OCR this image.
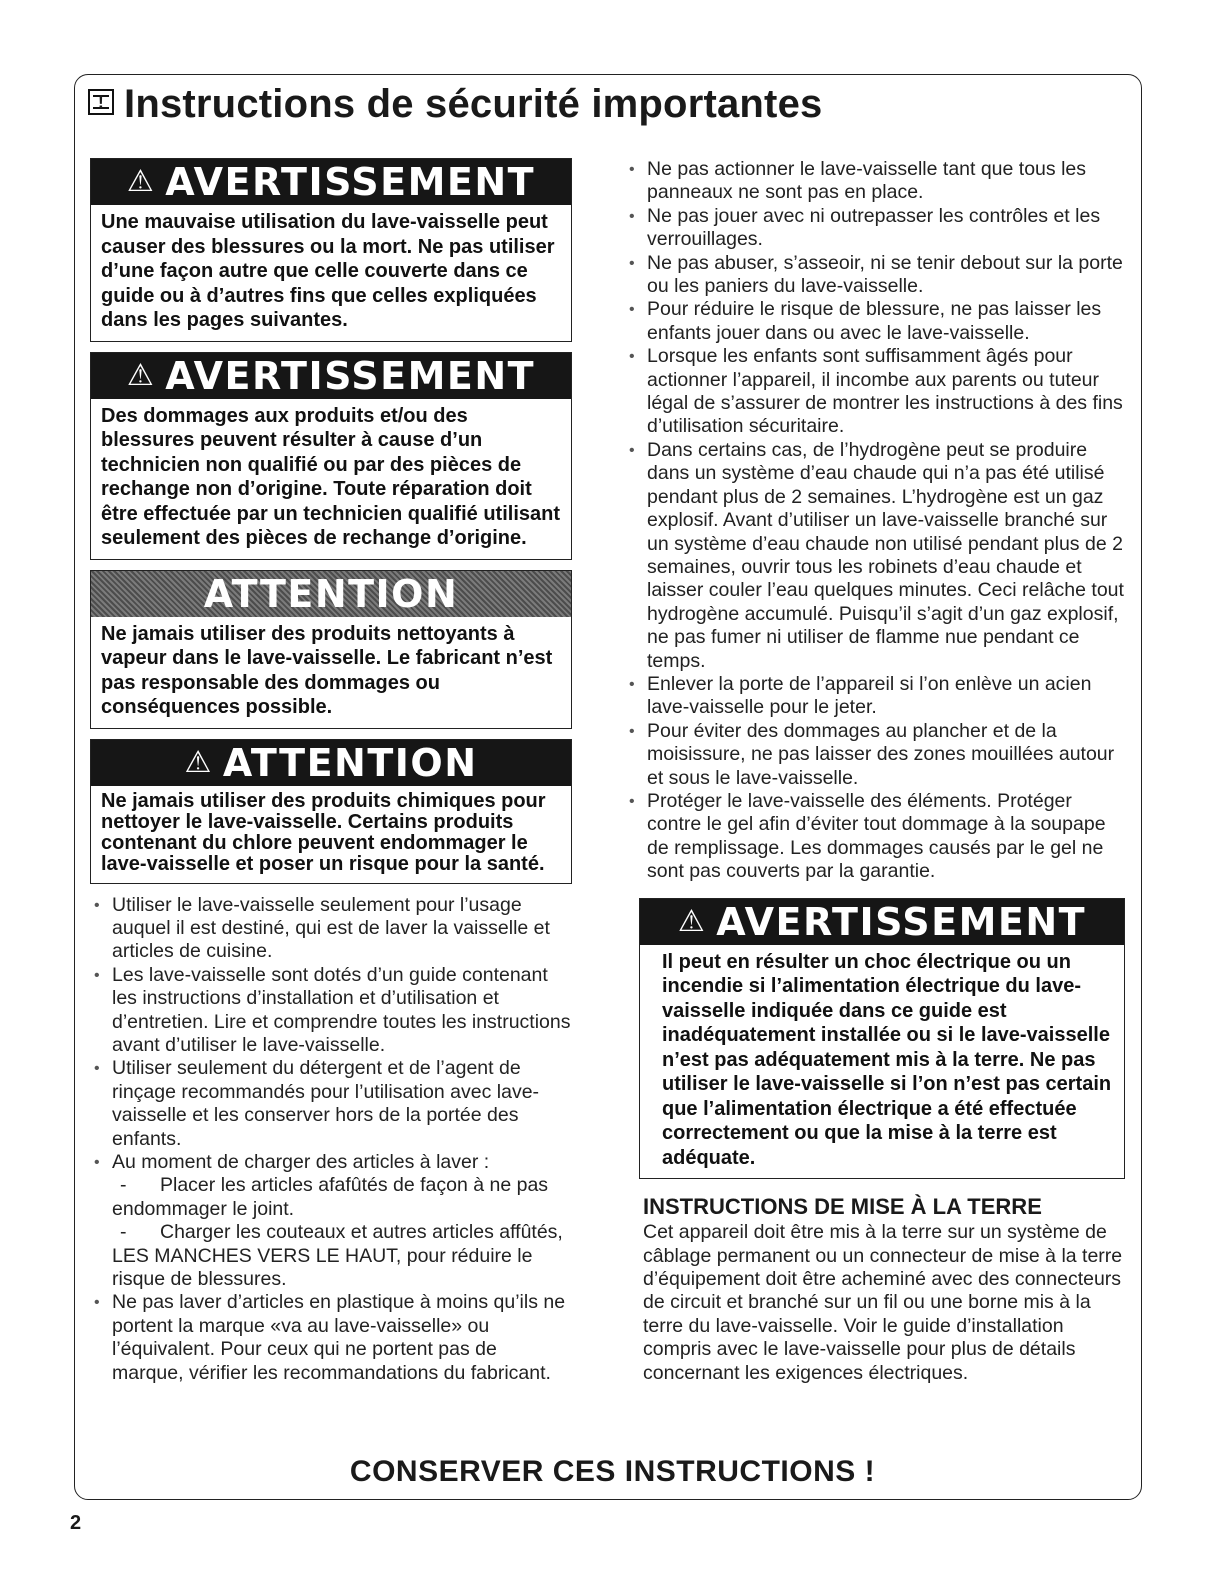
!Instructions de sécurité importantes
⚠ AVERTISSEMENT

Une mauvaise utilisation du lave-vaisselle peut causer des blessures ou la mort. Ne pas utiliser d’une façon autre que celle couverte dans ce guide ou à d’autres fins que celles expliquées dans les pages suivantes.

⚠ AVERTISSEMENT

Des dommages aux produits et/ou des blessures peuvent résulter à cause d’un technicien non qualifié ou par des pièces de rechange non d’origine. Toute réparation doit être effectuée par un technicien qualifié utilisant seulement des pièces de rechange d’origine.

ATTENTION

Ne jamais utiliser des produits nettoyants à vapeur dans le lave-vaisselle. Le fabricant n’est pas responsable des dommages ou conséquences possible.

⚠ ATTENTION

Ne jamais utiliser des produits chimiques pour nettoyer le lave-vaisselle. Certains produits contenant du chlore peuvent endommager le lave-vaisselle et poser un risque pour la santé.

• Utiliser le lave-vaisselle seulement pour l’usage auquel il est destiné, qui est de laver la vaisselle et articles de cuisine.
• Les lave-vaisselle sont dotés d’un guide contenant les instructions d’installation et d’utilisation et d’entretien. Lire et comprendre toutes les instructions avant d’utiliser le lave-vaisselle.
• Utiliser seulement du détergent et de l’agent de rinçage recommandés pour l’utilisation avec lave-vaisselle et les conserver hors de la portée des enfants.
• Au moment de charger des articles à laver :
- Placer les articles afafûtés de façon à ne pas endommager le joint.
- Charger les couteaux et autres articles affûtés, LES MANCHES VERS LE HAUT, pour réduire le risque de blessures.
• Ne pas laver d’articles en plastique à moins qu’ils ne portent la marque «va au lave-vaisselle» ou l’équivalent. Pour ceux qui ne portent pas de marque, vérifier les recommandations du fabricant.
• Ne pas actionner le lave-vaisselle tant que tous les panneaux ne sont pas en place.
• Ne pas jouer avec ni outrepasser les contrôles et les verrouillages.
• Ne pas abuser, s’asseoir, ni se tenir debout sur la porte ou les paniers du lave-vaisselle.
• Pour réduire le risque de blessure, ne pas laisser les enfants jouer dans ou avec le lave-vaisselle.
• Lorsque les enfants sont suffisamment âgés pour actionner l’appareil, il incombe aux parents ou tuteur légal de s’assurer de montrer les instructions à des fins d’utilisation sécuritaire.
• Dans certains cas, de l’hydrogène peut se produire dans un système d’eau chaude qui n’a pas été utilisé pendant plus de 2 semaines. L’hydrogène est un gaz explosif. Avant d’utiliser un lave-vaisselle branché sur un système d’eau chaude non utilisé pendant plus de 2 semaines, ouvrir tous les robinets d’eau chaude et laisser couler l’eau quelques minutes. Ceci relâche tout hydrogène accumulé. Puisqu’il s’agit d’un gaz explosif, ne pas fumer ni utiliser de flamme nue pendant ce temps.
• Enlever la porte de l’appareil si l’on enlève un acien lave-vaisselle pour le jeter.
• Pour éviter des dommages au plancher et de la moisissure, ne pas laisser des zones mouillées autour et sous le lave-vaisselle.
• Protéger le lave-vaisselle des éléments. Protéger contre le gel afin d’éviter tout dommage à la soupape de remplissage. Les dommages causés par le gel ne sont pas couverts par la garantie.
⚠ AVERTISSEMENT

Il peut en résulter un choc électrique ou un incendie si l’alimentation électrique du lave-vaisselle indiquée dans ce guide est inadéquatement installée ou si le lave-vaisselle n’est pas adéquatement mis à la terre. Ne pas utiliser le lave-vaisselle si l’on n’est pas certain que l’alimentation électrique a été effectuée correctement ou que la mise à la terre est adéquate.

INSTRUCTIONS DE MISE À LA TERRE

Cet appareil doit être mis à la terre sur un système de câblage permanent ou un connecteur de mise à la terre d’équipement doit être acheminé avec des connecteurs de circuit et branché sur un fil ou une borne mis à la terre du lave-vaisselle. Voir le guide d’installation compris avec le lave-vaisselle pour plus de détails concernant les exigences électriques.

CONSERVER CES INSTRUCTIONS !

2
